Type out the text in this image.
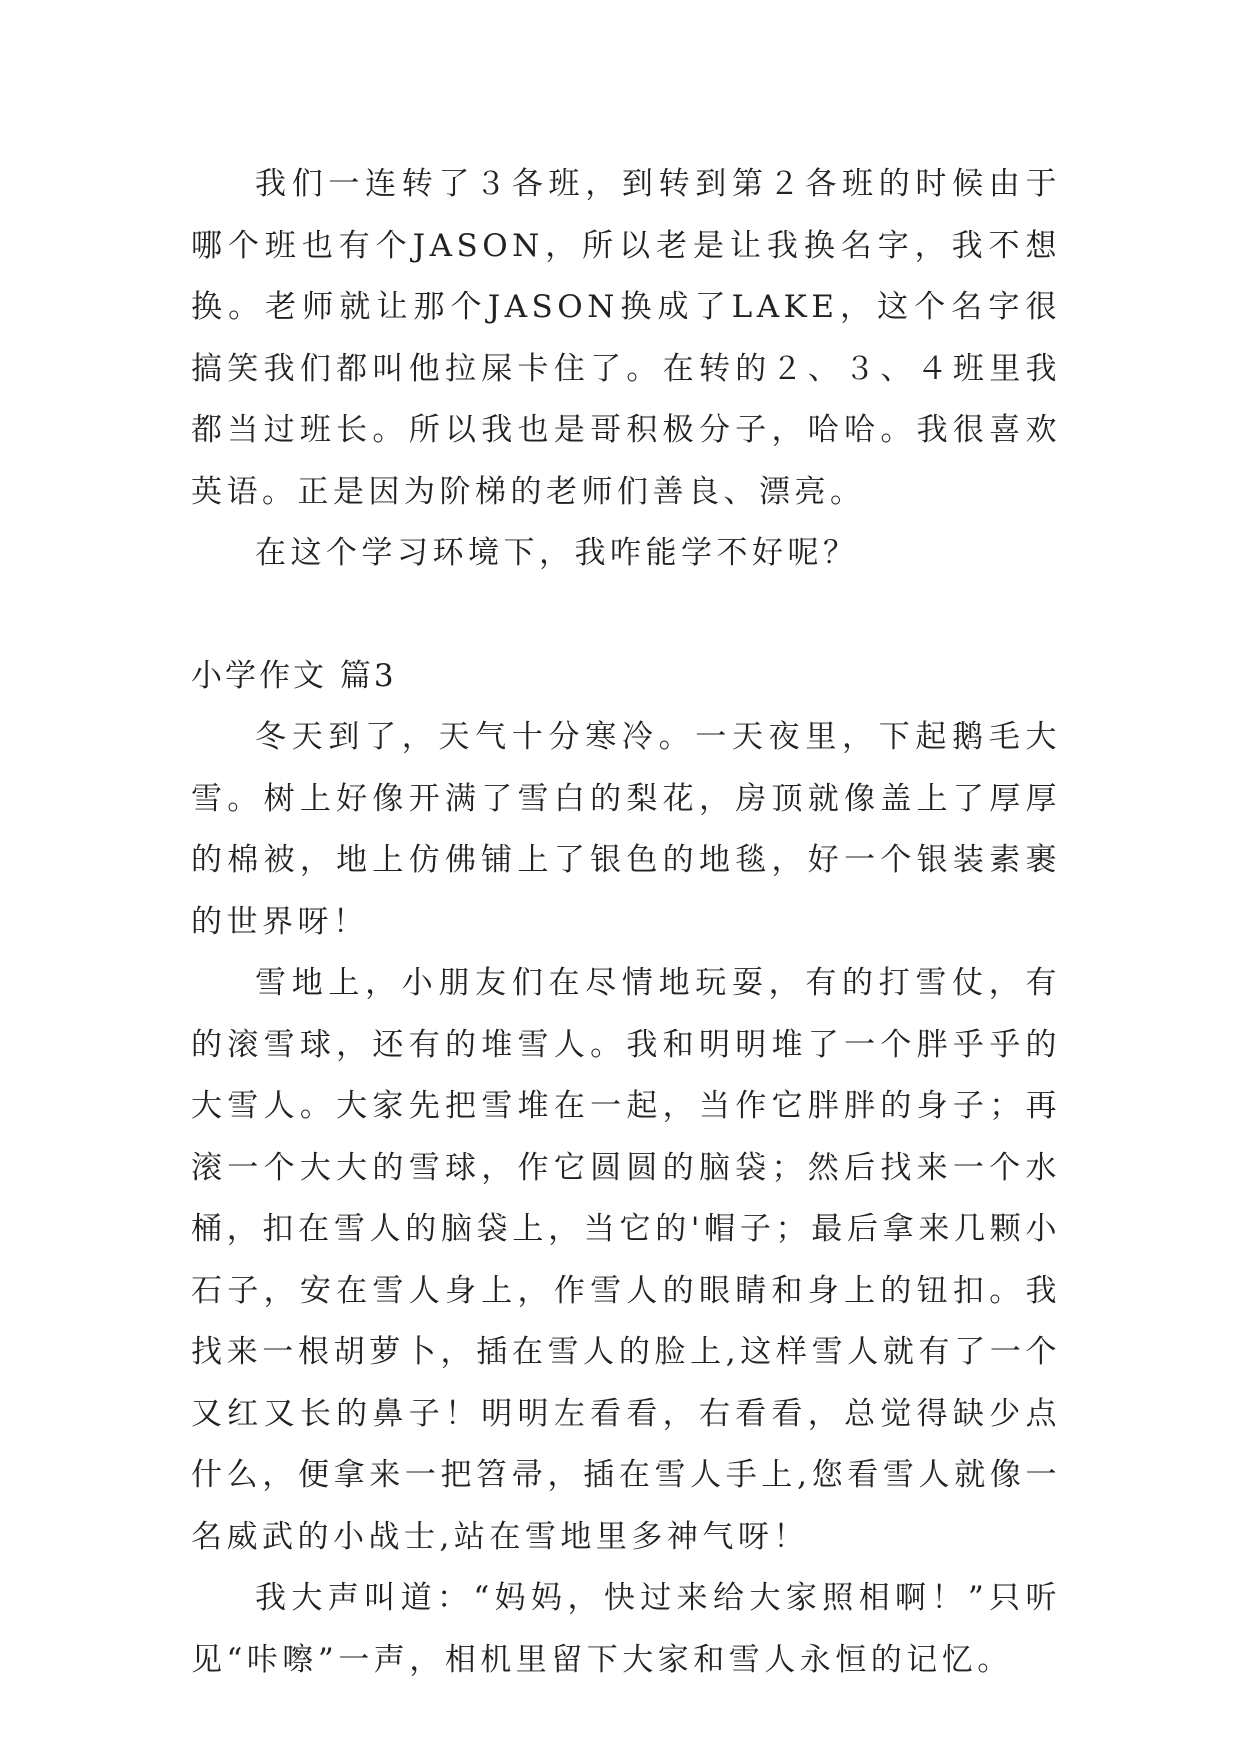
我们一连转了３各班，到转到第２各班的时候由于哪个班也有个JASON，所以老是让我换名字，我不想换。老师就让那个JASON换成了LAKE，这个名字很搞笑我们都叫他拉屎卡住了。在转的２、３、４班里我都当过班长。所以我也是哥积极分子，哈哈。我很喜欢英语。正是因为阶梯的老师们善良、漂亮。

在这个学习环境下，我咋能学不好呢？

小学作文 篇3

冬天到了，天气十分寒冷。一天夜里，下起鹅毛大雪。树上好像开满了雪白的梨花，房顶就像盖上了厚厚的棉被，地上仿佛铺上了银色的地毯，好一个银装素裹的世界呀！

雪地上，小朋友们在尽情地玩耍，有的打雪仗，有的滚雪球，还有的堆雪人。我和明明堆了一个胖乎乎的大雪人。大家先把雪堆在一起，当作它胖胖的身子；再滚一个大大的雪球，作它圆圆的脑袋；然后找来一个水桶，扣在雪人的脑袋上，当它的'帽子；最后拿来几颗小石子，安在雪人身上，作雪人的眼睛和身上的钮扣。我找来一根胡萝卜，插在雪人的脸上,这样雪人就有了一个又红又长的鼻子！明明左看看，右看看，总觉得缺少点什么，便拿来一把笤帚，插在雪人手上,您看雪人就像一名威武的小战士,站在雪地里多神气呀！

我大声叫道：“妈妈，快过来给大家照相啊！”只听见“咔嚓”一声，相机里留下大家和雪人永恒的记忆。
